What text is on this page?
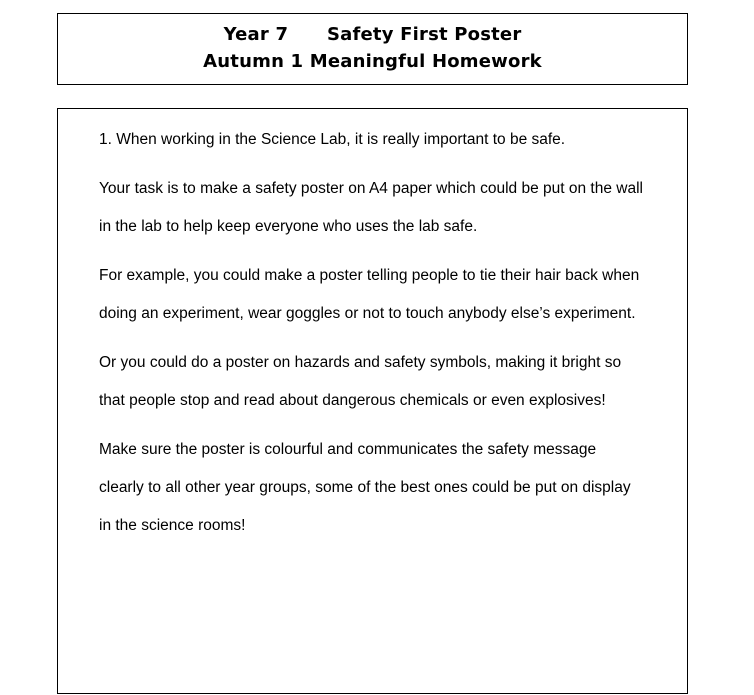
Year 7      Safety First Poster
Autumn 1 Meaningful Homework

1. When working in the Science Lab, it is really important to be safe.

Your task is to make a safety poster on A4 paper which could be put on the wall in the lab to help keep everyone who uses the lab safe.

For example, you could make a poster telling people to tie their hair back when doing an experiment, wear goggles or not to touch anybody else’s experiment.

Or you could do a poster on hazards and safety symbols, making it bright so that people stop and read about dangerous chemicals or even explosives!

Make sure the poster is colourful and communicates the safety message clearly to all other year groups, some of the best ones could be put on display in the science rooms!
